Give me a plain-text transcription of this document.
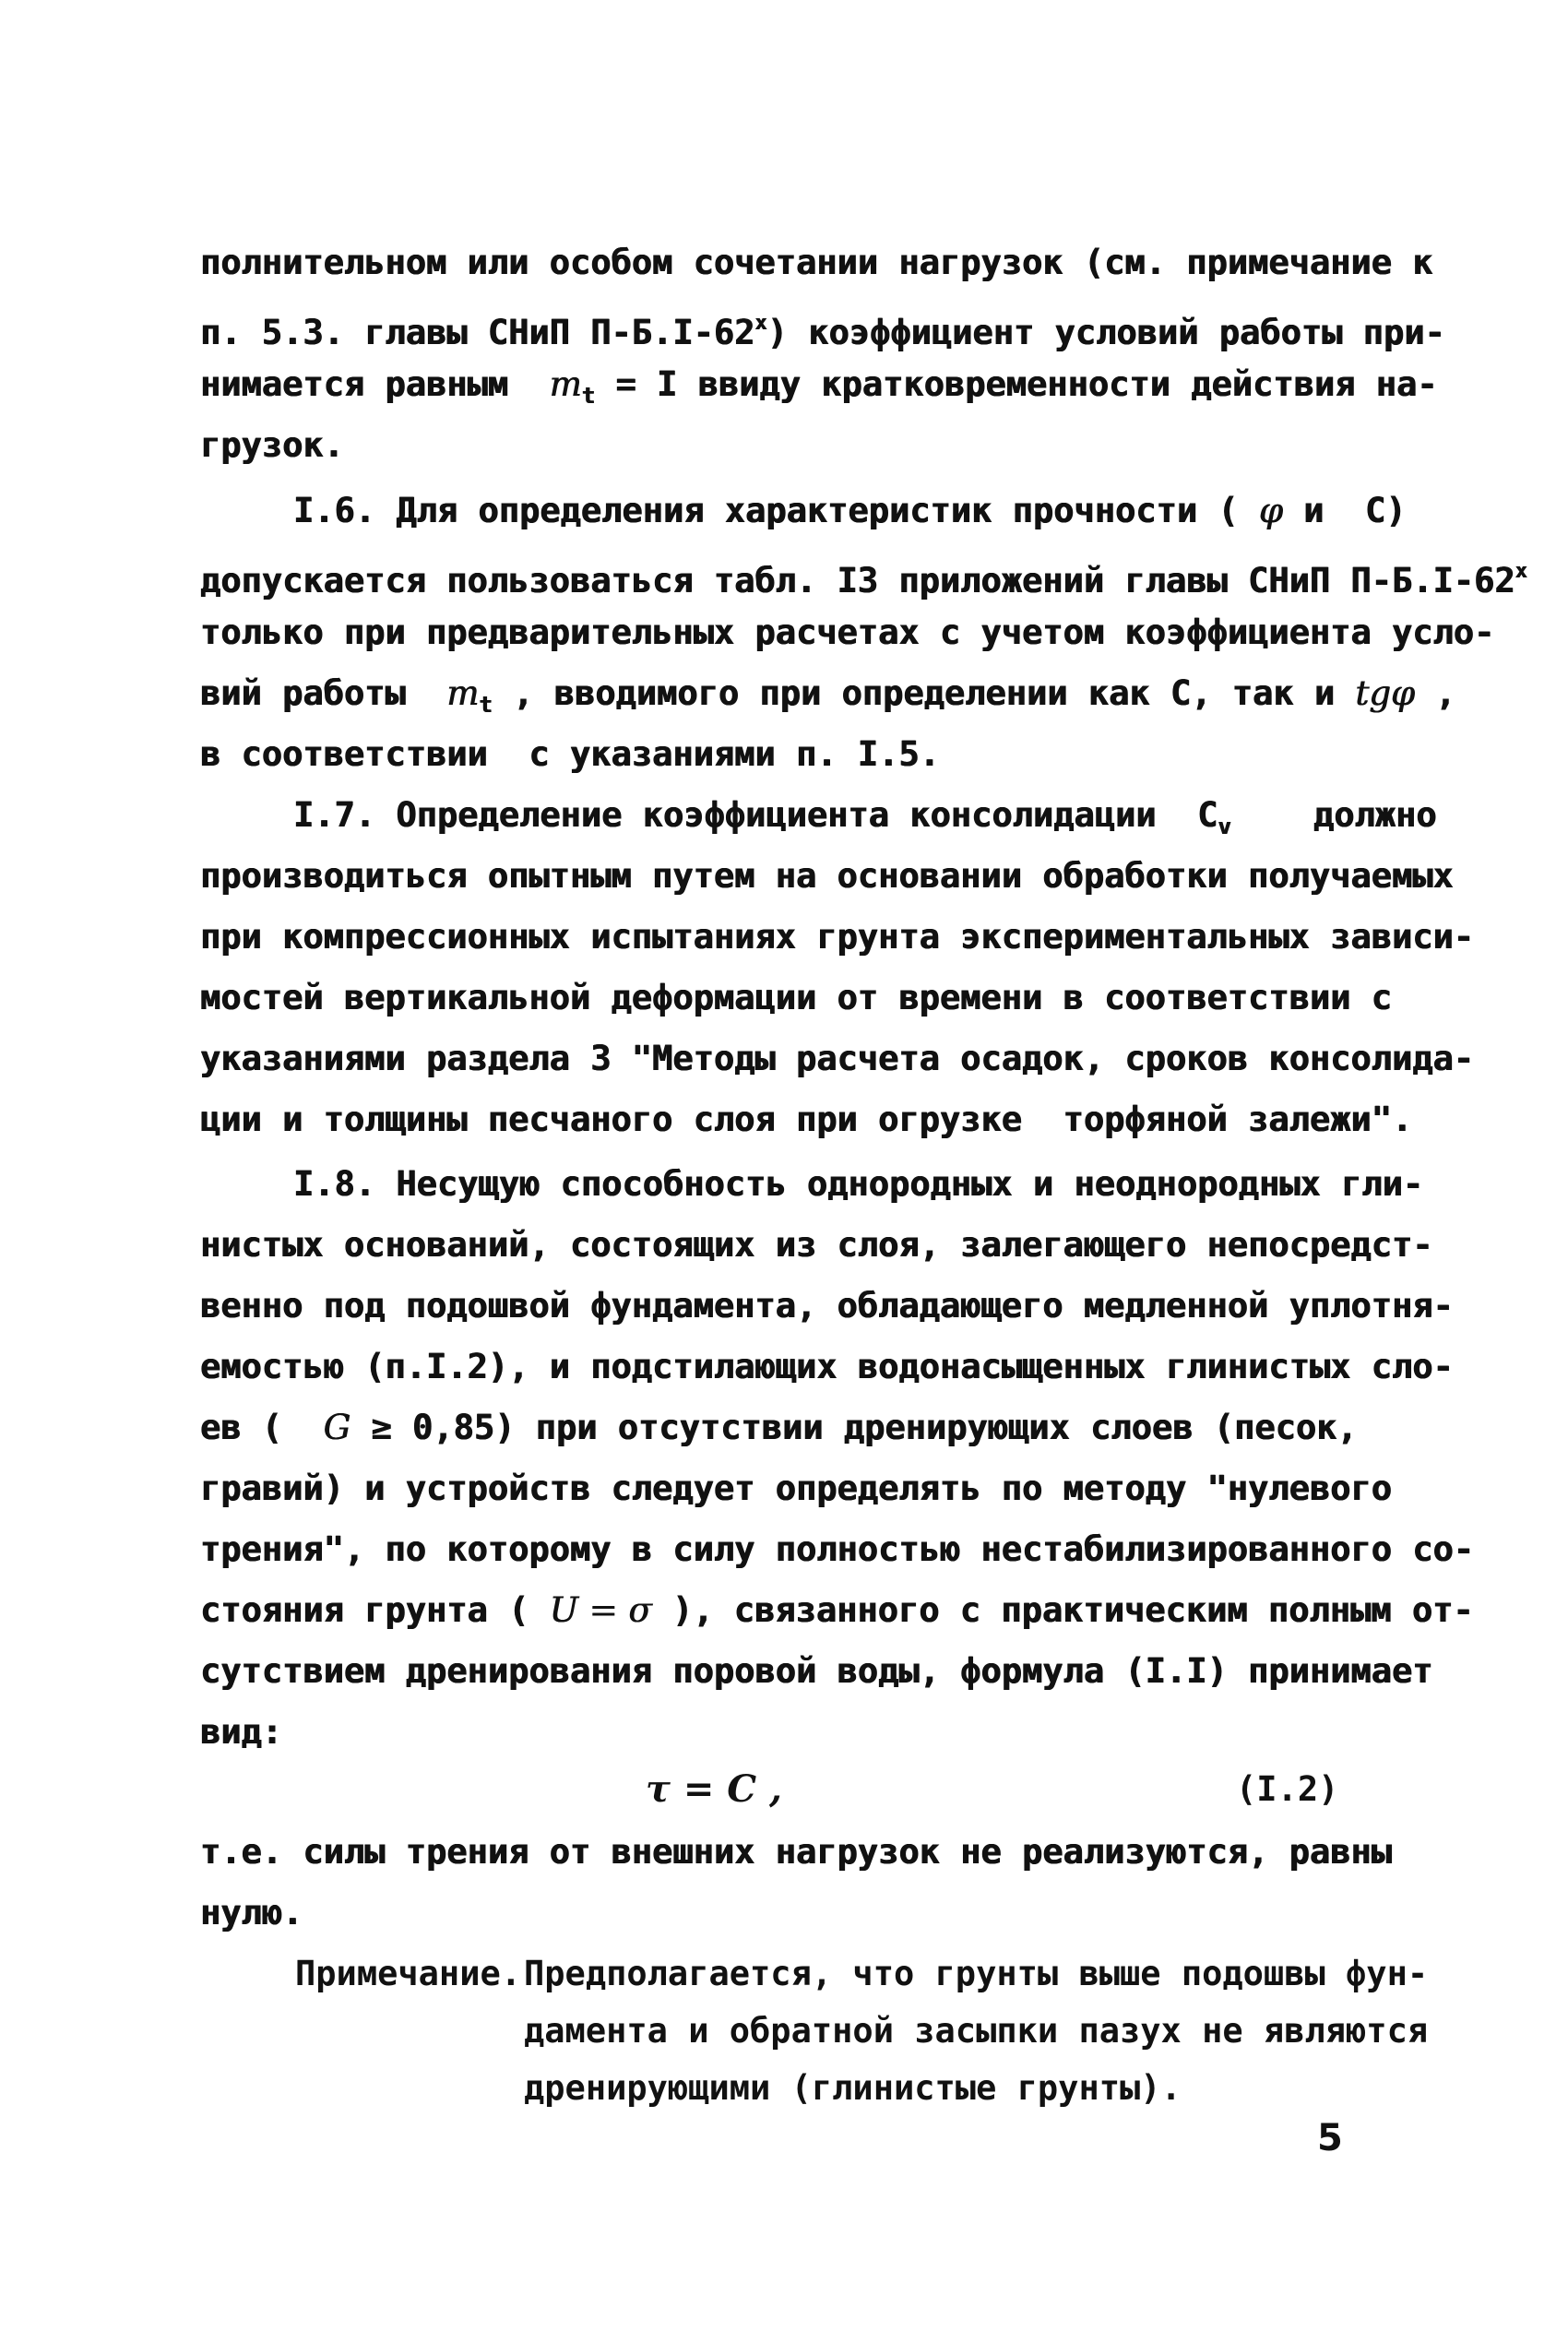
полнительном или особом сочетании нагрузок (см. примечание к
п. 5.3. главы СНиП П-Б.I-62$^x$) коэффициент условий работы при-
нимается равным  $m_t = I$ ввиду кратковременности действия на-
грузок.
I.6. Для определения характеристик прочности ( φ и  С)
допускается пользоваться табл. I3 приложений главы СНиП П-Б.I-62$^x$
только при предварительных расчетах с учетом коэффициента усло-
вий работы  $m_t$ , вводимого при определении как С, так и tgφ ,
в соответствии  с указаниями п. I.5.
I.7. Определение коэффициента консолидации  $C_v$    должно
производиться опытным путем на основании обработки получаемых
при компрессионных испытаниях грунта экспериментальных зависи-
мостей вертикальной деформации от времени в соответствии с
указаниями раздела 3 "Методы расчета осадок, сроков консолида-
ции и толщины песчаного слоя при огрузке  торфяной залежи".
I.8. Несущую способность однородных и неоднородных гли-
нистых оснований, состоящих из слоя, залегающего непосредст-
венно под подошвой фундамента, обладающего медленной уплотня-
емостью (п.I.2), и подстилающих водонасыщенных глинистых сло-
ев (  G ≥ 0,85) при отсутствии дренирующих слоев (песок,
гравий) и устройств следует определять по методу "нулевого
трения", по которому в силу полностью нестабилизированного со-
стояния грунта ( U = σ ), связанного с практическим полным от-
сутствием дренирования поровой воды, формула (I.I) принимает
вид:
τ = C ,	(I.2)
т.е. силы трения от внешних нагрузок не реализуются, равны
нулю.
Примечание. Предполагается, что грунты выше подошвы фун-
дамента и обратной засыпки пазух не являются
дренирующими (глинистые грунты).
5
